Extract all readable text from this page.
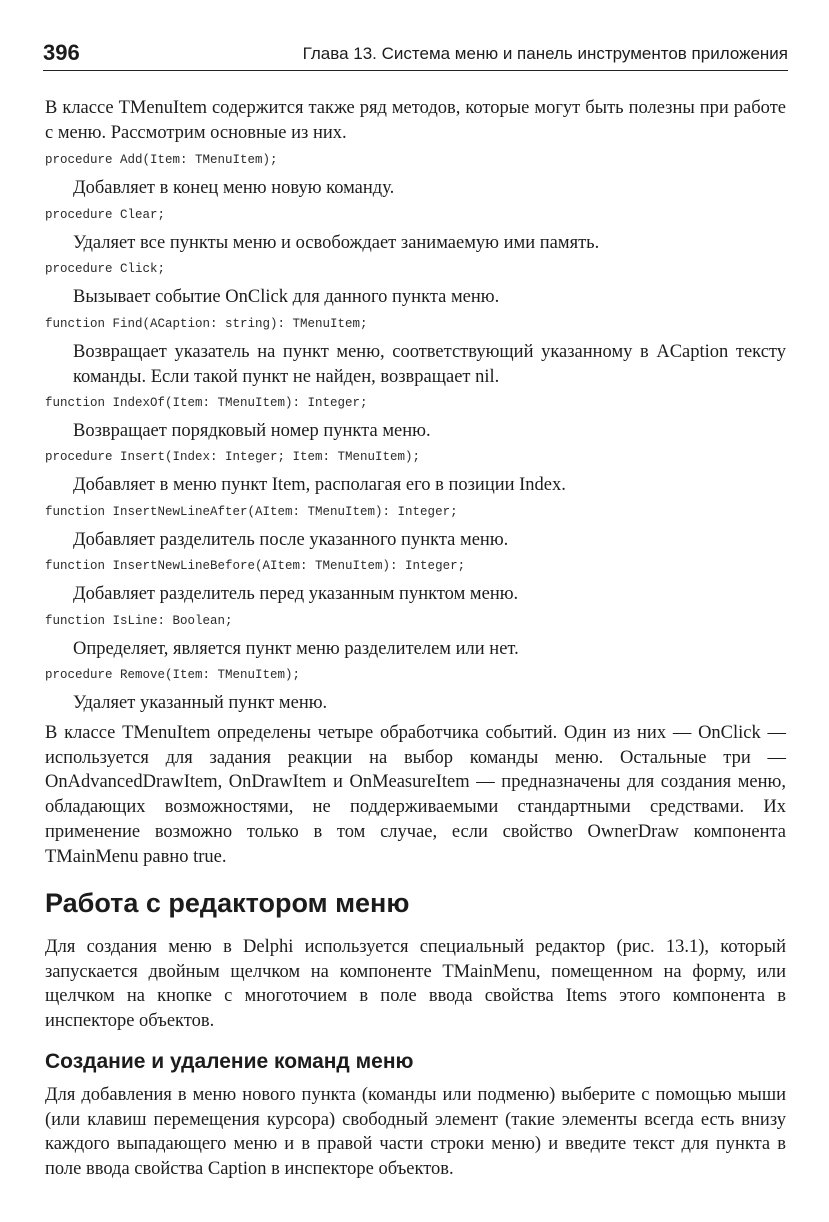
396	Глава 13. Система меню и панель инструментов приложения

В классе TMenuItem содержится также ряд методов, которые могут быть полезны при работе с меню. Рассмотрим основные из них.

procedure Add(Item: TMenuItem);

Добавляет в конец меню новую команду.

procedure Clear;

Удаляет все пункты меню и освобождает занимаемую ими память.

procedure Click;

Вызывает событие OnClick для данного пункта меню.

function Find(ACaption: string): TMenuItem;

Возвращает указатель на пункт меню, соответствующий указанному в ACaption тексту команды. Если такой пункт не найден, возвращает nil.

function IndexOf(Item: TMenuItem): Integer;

Возвращает порядковый номер пункта меню.

procedure Insert(Index: Integer; Item: TMenuItem);

Добавляет в меню пункт Item, располагая его в позиции Index.

function InsertNewLineAfter(AItem: TMenuItem): Integer;

Добавляет разделитель после указанного пункта меню.

function InsertNewLineBefore(AItem: TMenuItem): Integer;

Добавляет разделитель перед указанным пунктом меню.

function IsLine: Boolean;

Определяет, является пункт меню разделителем или нет.

procedure Remove(Item: TMenuItem);

Удаляет указанный пункт меню.

В классе TMenuItem определены четыре обработчика событий. Один из них — OnClick — используется для задания реакции на выбор команды меню. Остальные три — OnAdvancedDrawItem, OnDrawItem и OnMeasureItem — предназначены для создания меню, обладающих возможностями, не поддерживаемыми стандартными средствами. Их применение возможно только в том случае, если свойство OwnerDraw компонента TMainMenu равно true.

Работа с редактором меню

Для создания меню в Delphi используется специальный редактор (рис. 13.1), который запускается двойным щелчком на компоненте TMainMenu, помещенном на форму, или щелчком на кнопке с многоточием в поле ввода свойства Items этого компонента в инспекторе объектов.

Создание и удаление команд меню

Для добавления в меню нового пункта (команды или подменю) выберите с помощью мыши (или клавиш перемещения курсора) свободный элемент (такие элементы всегда есть внизу каждого выпадающего меню и в правой части строки меню) и введите текст для пункта в поле ввода свойства Caption в инспекторе объектов.
